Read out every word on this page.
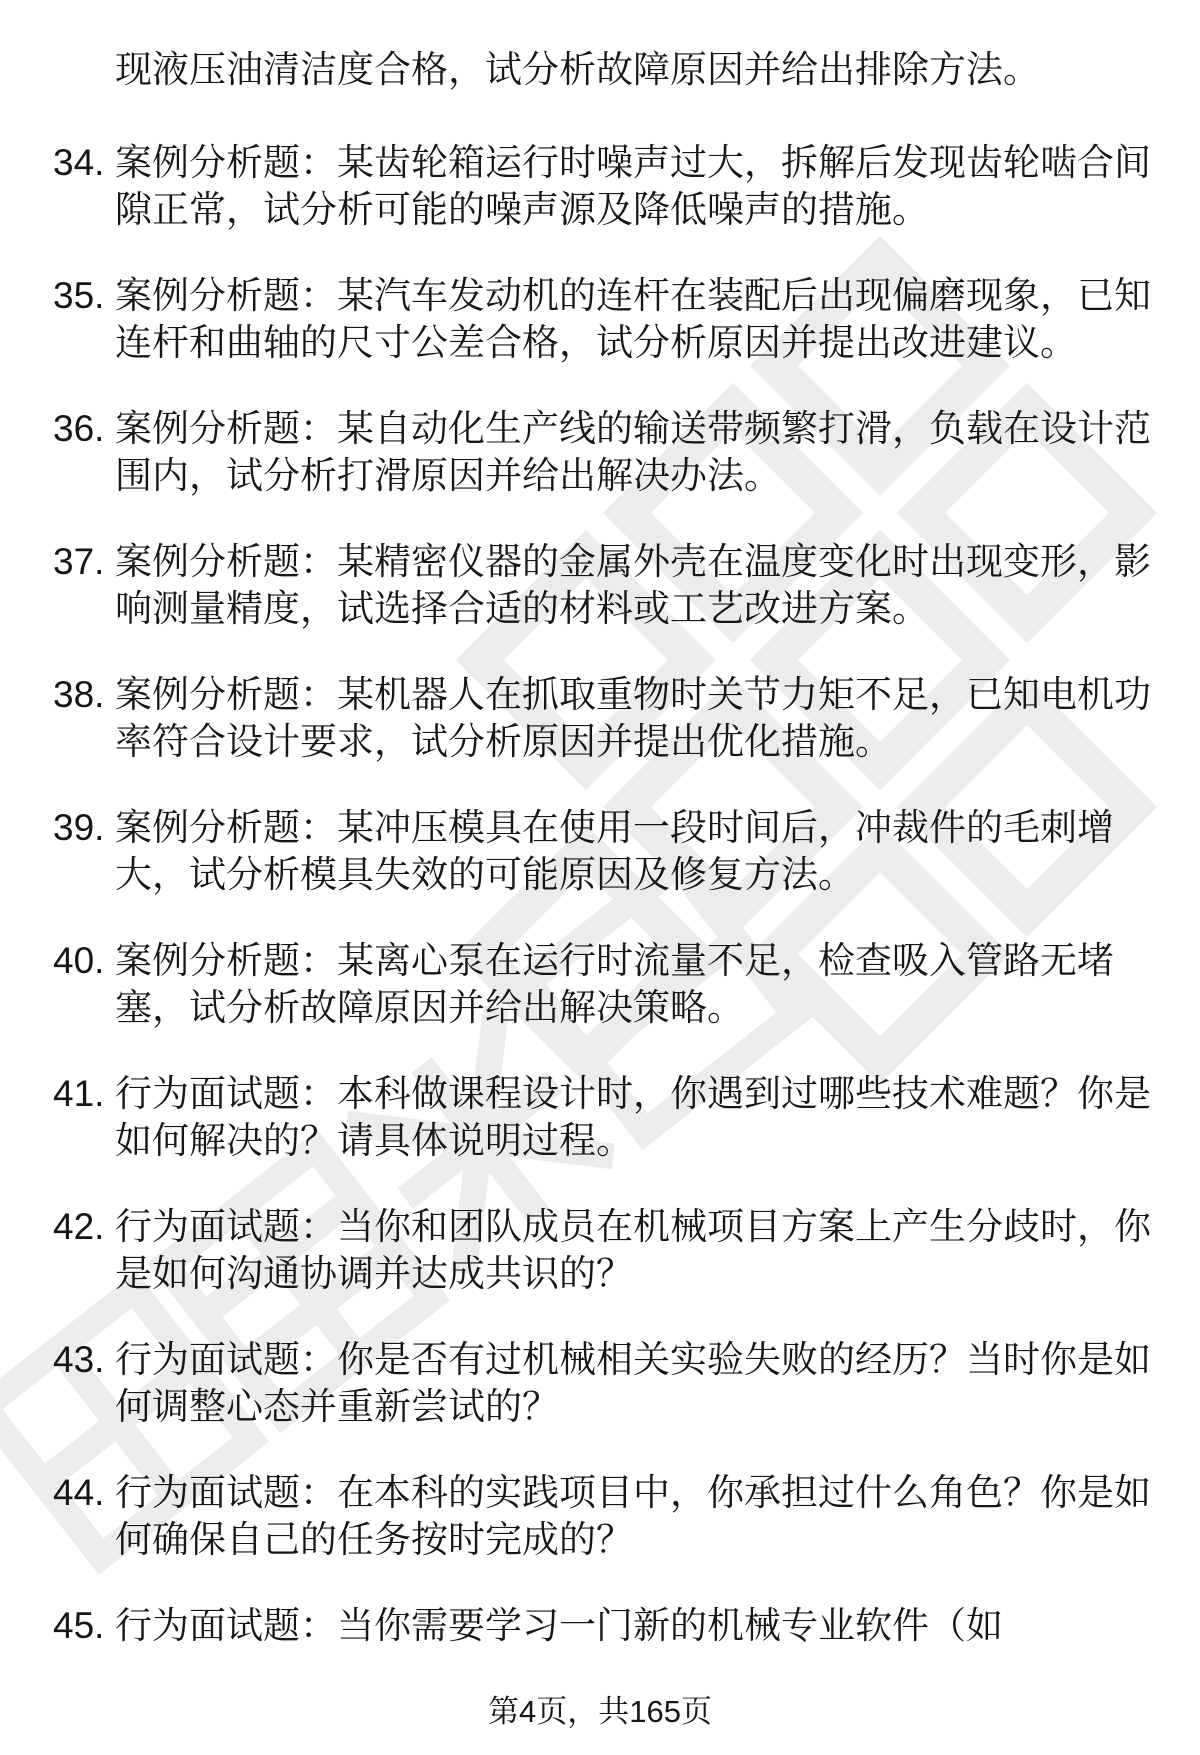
现液压油清洁度合格，试分析故障原因并给出排除方法。
34. 案例分析题：某齿轮箱运行时噪声过大，拆解后发现齿轮啮合间
隙正常，试分析可能的噪声源及降低噪声的措施。
35. 案例分析题：某汽车发动机的连杆在装配后出现偏磨现象，已知
连杆和曲轴的尺寸公差合格，试分析原因并提出改进建议。
36. 案例分析题：某自动化生产线的输送带频繁打滑，负载在设计范
围内，试分析打滑原因并给出解决办法。
37. 案例分析题：某精密仪器的金属外壳在温度变化时出现变形，影
响测量精度，试选择合适的材料或工艺改进方案。
38. 案例分析题：某机器人在抓取重物时关节力矩不足，已知电机功
率符合设计要求，试分析原因并提出优化措施。
39. 案例分析题：某冲压模具在使用一段时间后，冲裁件的毛刺增
大，试分析模具失效的可能原因及修复方法。
40. 案例分析题：某离心泵在运行时流量不足，检查吸入管路无堵
塞，试分析故障原因并给出解决策略。
41. 行为面试题：本科做课程设计时，你遇到过哪些技术难题？你是
如何解决的？请具体说明过程。
42. 行为面试题：当你和团队成员在机械项目方案上产生分歧时，你
是如何沟通协调并达成共识的？
43. 行为面试题：你是否有过机械相关实验失败的经历？当时你是如
何调整心态并重新尝试的？
44. 行为面试题：在本科的实践项目中，你承担过什么角色？你是如
何确保自己的任务按时完成的？
45. 行为面试题：当你需要学习一门新的机械专业软件（如
第4页，共165页
